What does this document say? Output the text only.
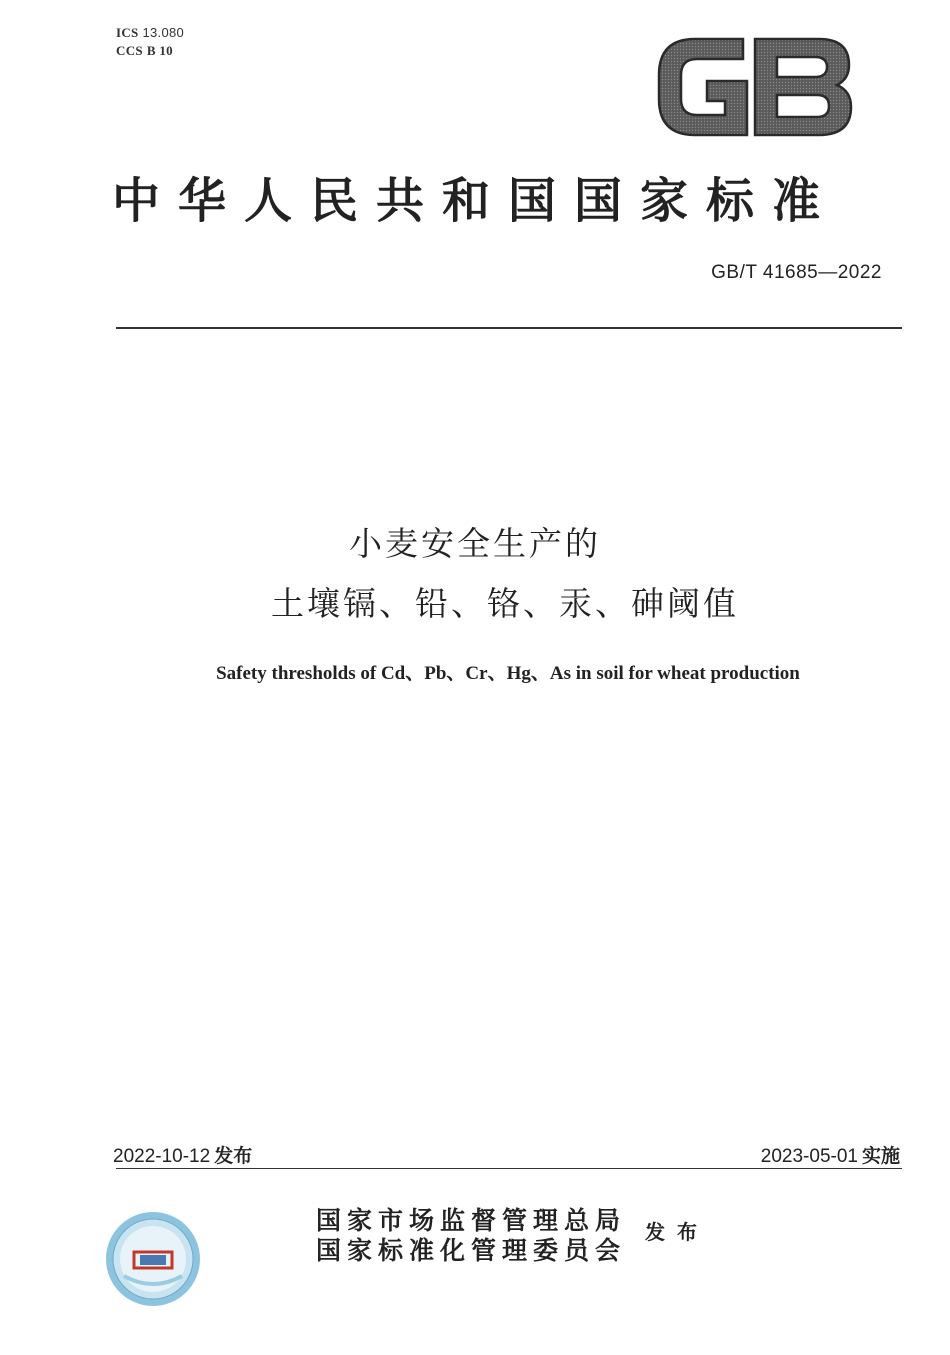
ICS 13.080
CCS B 10
中华人民共和国国家标准
GB/T 41685—2022
小麦安全生产的
土壤镉、铅、铬、汞、砷阈值
Safety thresholds of Cd、Pb、Cr、Hg、As in soil for wheat production
2022-10-12 发布	2023-05-01 实施
国家市场监督管理总局
国家标准化管理委员会
发布
